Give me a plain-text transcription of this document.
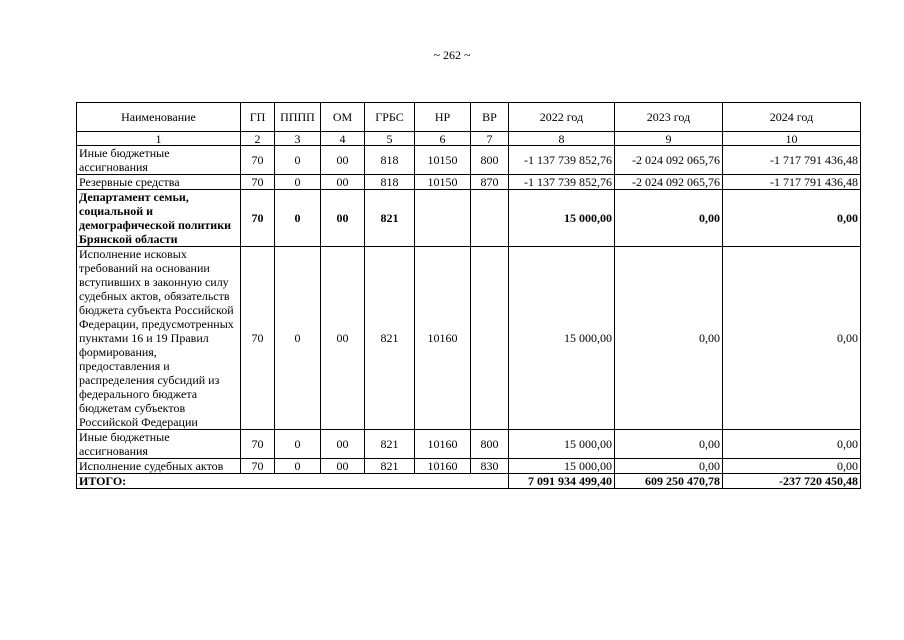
~ 262 ~
Наименование	ГП	ПППП	ОМ	ГРБС	НР	ВР	2022 год	2023 год	2024 год
1	2	3	4	5	6	7	8	9	10
Иные бюджетные ассигнования	70	0	00	818	10150	800	-1 137 739 852,76	-2 024 092 065,76	-1 717 791 436,48
Резервные средства	70	0	00	818	10150	870	-1 137 739 852,76	-2 024 092 065,76	-1 717 791 436,48
Департамент семьи, социальной и демографической политики Брянской области	70	0	00	821			15 000,00	0,00	0,00
Исполнение исковых требований на основании вступивших в законную силу судебных актов, обязательств бюджета субъекта Российской Федерации, предусмотренных пунктами 16 и 19 Правил формирования, предоставления и распределения субсидий из федерального бюджета бюджетам субъектов Российской Федерации	70	0	00	821	10160		15 000,00	0,00	0,00
Иные бюджетные ассигнования	70	0	00	821	10160	800	15 000,00	0,00	0,00
Исполнение судебных актов	70	0	00	821	10160	830	15 000,00	0,00	0,00
ИТОГО:							7 091 934 499,40	609 250 470,78	-237 720 450,48
